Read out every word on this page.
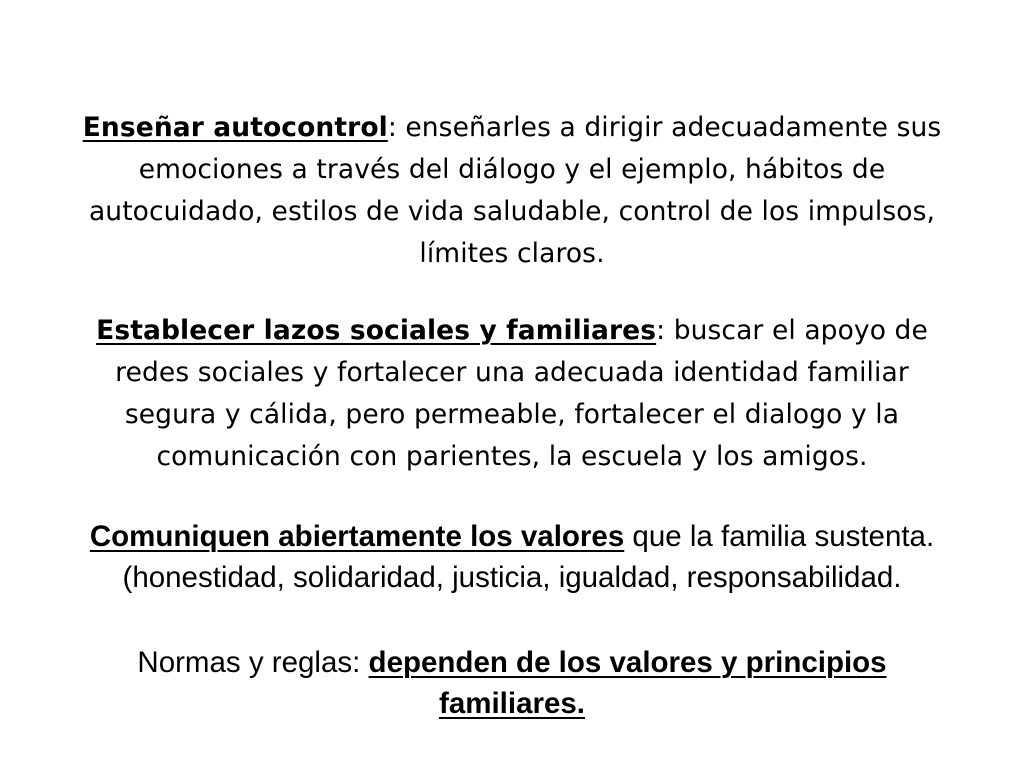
Enseñar autocontrol: enseñarles a dirigir adecuadamente sus emociones a través del diálogo y el ejemplo, hábitos de autocuidado, estilos de vida saludable, control de los impulsos, límites claros.

Establecer lazos sociales y familiares: buscar el apoyo de redes sociales y fortalecer una adecuada identidad familiar segura y cálida, pero permeable, fortalecer el dialogo y la comunicación con parientes, la escuela y los amigos.

Comuniquen abiertamente los valores que la familia sustenta.(honestidad, solidaridad, justicia, igualdad, responsabilidad.

Normas y reglas: dependen de los valores y principios familiares.
